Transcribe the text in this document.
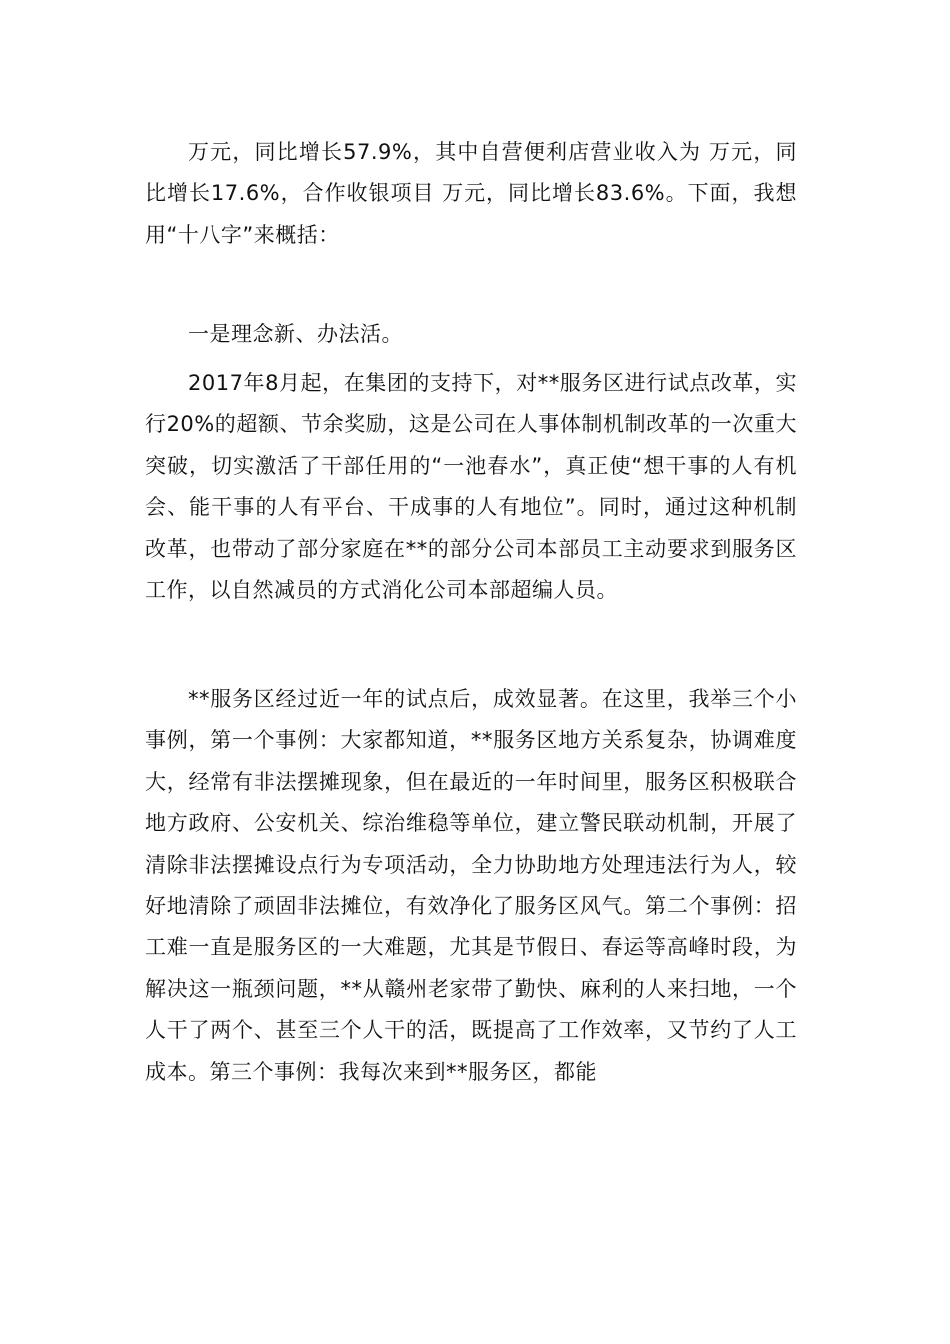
万元，同比增长57.9%，其中自营便利店营业收入为 万元，同比增长17.6%，合作收银项目 万元，同比增长83.6%。下面，我想用“十八字”来概括：

一是理念新、办法活。

2017年8月起，在集团的支持下，对**服务区进行试点改革，实行20%的超额、节余奖励，这是公司在人事体制机制改革的一次重大突破，切实激活了干部任用的“一池春水”，真正使“想干事的人有机会、能干事的人有平台、干成事的人有地位”。同时，通过这种机制改革，也带动了部分家庭在**的部分公司本部员工主动要求到服务区工作，以自然减员的方式消化公司本部超编人员。

**服务区经过近一年的试点后，成效显著。在这里，我举三个小事例，第一个事例：大家都知道，**服务区地方关系复杂，协调难度大，经常有非法摆摊现象，但在最近的一年时间里，服务区积极联合地方政府、公安机关、综治维稳等单位，建立警民联动机制，开展了清除非法摆摊设点行为专项活动，全力协助地方处理违法行为人，较好地清除了顽固非法摊位，有效净化了服务区风气。第二个事例：招工难一直是服务区的一大难题，尤其是节假日、春运等高峰时段，为解决这一瓶颈问题，**从赣州老家带了勤快、麻利的人来扫地，一个人干了两个、甚至三个人干的活，既提高了工作效率，又节约了人工成本。第三个事例：我每次来到**服务区，都能
